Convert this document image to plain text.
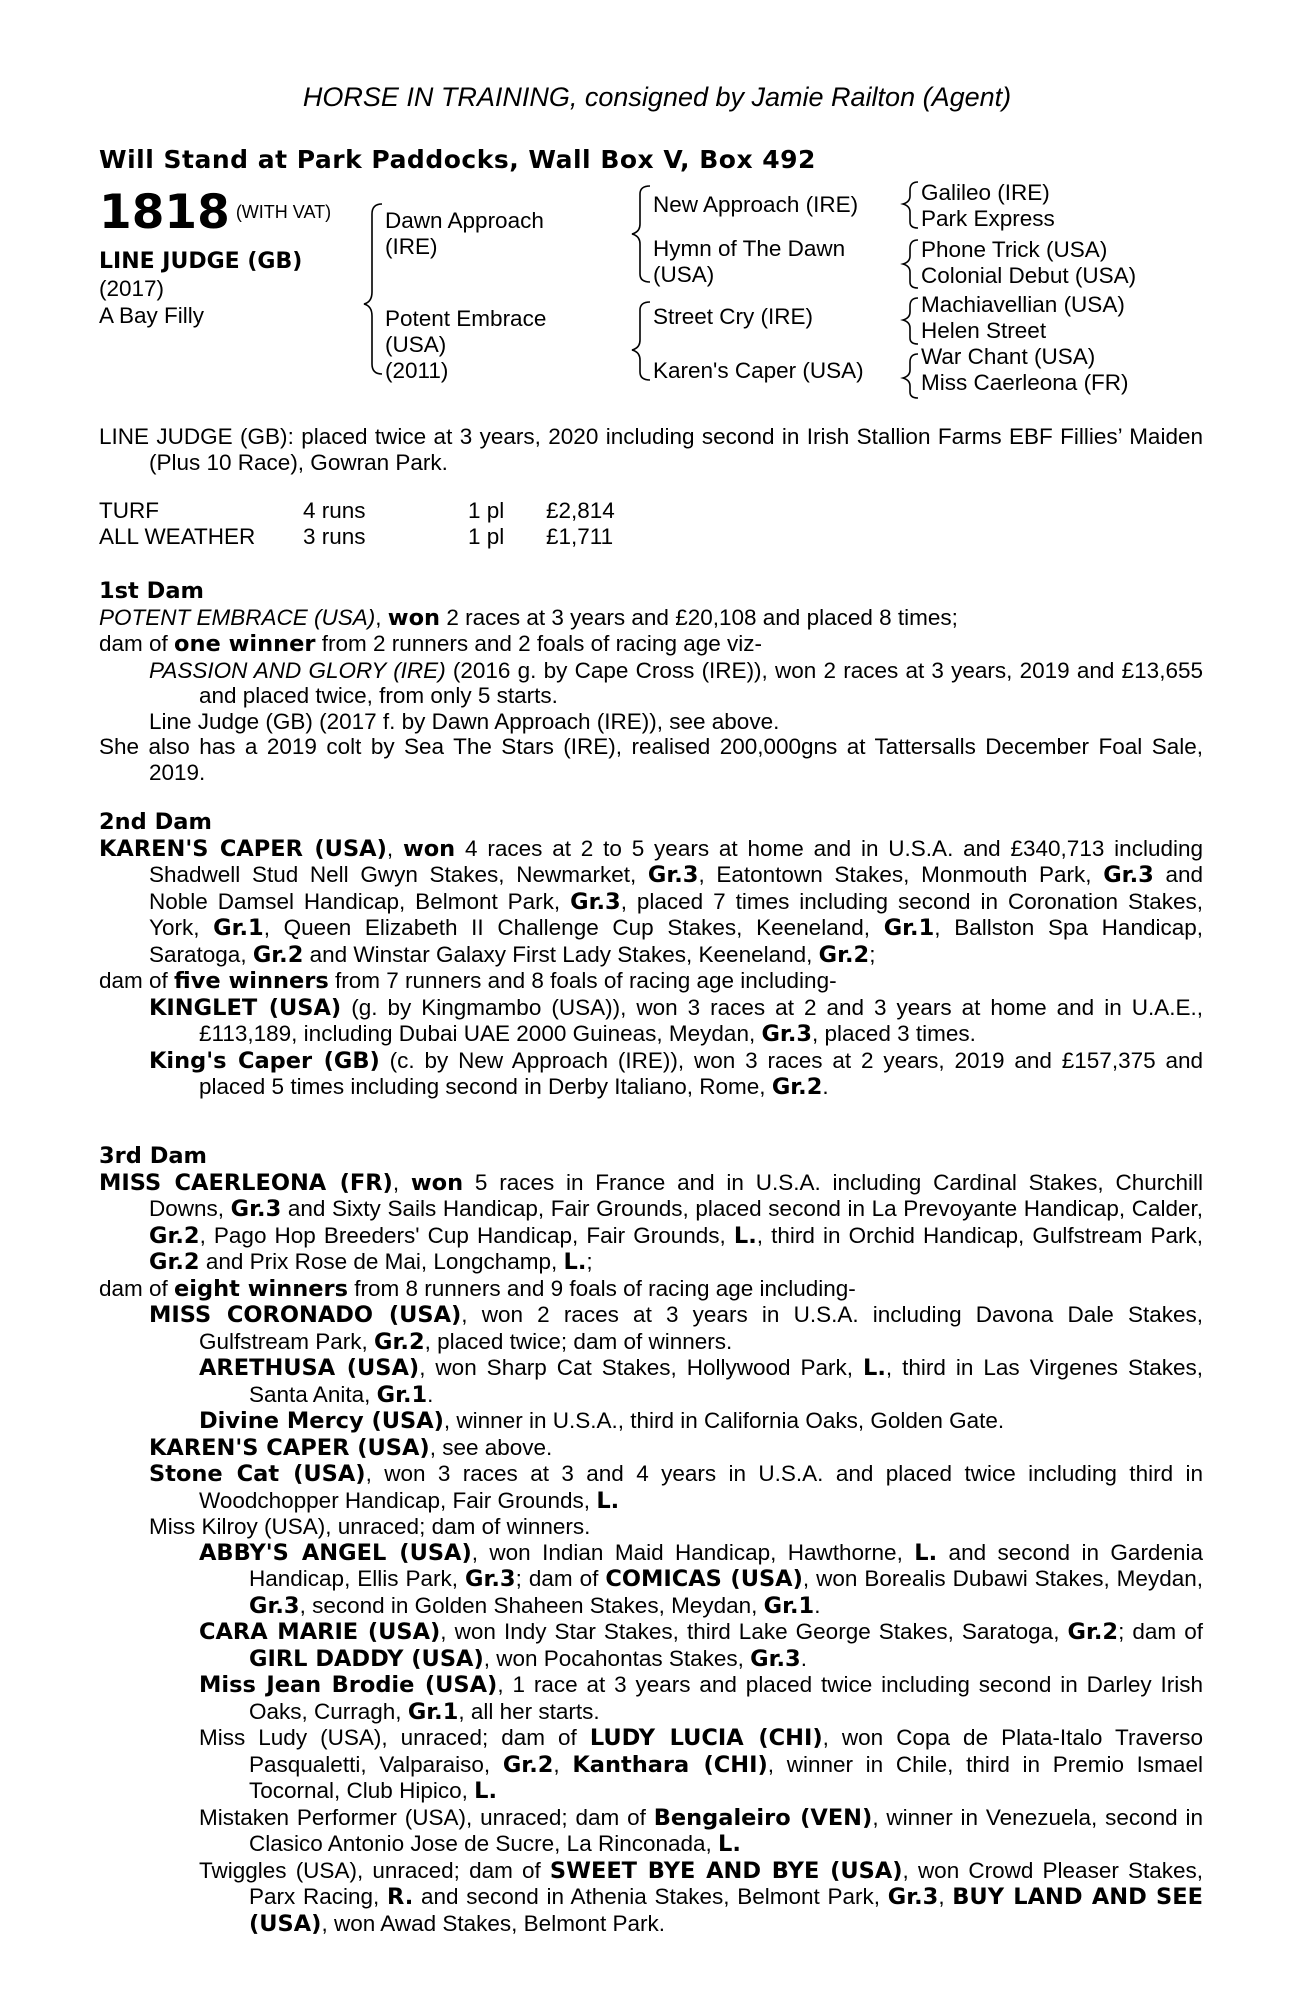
HORSE IN TRAINING, consigned by Jamie Railton (Agent)
Will Stand at Park Paddocks, Wall Box V, Box 492
1818 $^{(WITH VAT)}$
LINE JUDGE (GB)
(2017)
A Bay Filly
Dawn Approach
(IRE)
Potent Embrace
(USA)
(2011)
New Approach (IRE)
Hymn of The Dawn
(USA)
Street Cry (IRE)
Karen's Caper (USA)
Galileo (IRE)
Park Express
Phone Trick (USA)
Colonial Debut (USA)
Machiavellian (USA)
Helen Street
War Chant (USA)
Miss Caerleona (FR)

LINE JUDGE (GB): placed twice at 3 years, 2020 including second in Irish Stallion Farms EBF Fillies’ Maiden (Plus 10 Race), Gowran Park.

TURF	4 runs	1 pl	£2,814
ALL WEATHER	3 runs	1 pl	£1,711
1st Dam

POTENT EMBRACE (USA), won 2 races at 3 years and £20,108 and placed 8 times;

dam of one winner from 2 runners and 2 foals of racing age viz-

PASSION AND GLORY (IRE) (2016 g. by Cape Cross (IRE)), won 2 races at 3 years, 2019 and £13,655 and placed twice, from only 5 starts.

Line Judge (GB) (2017 f. by Dawn Approach (IRE)), see above.

She also has a 2019 colt by Sea The Stars (IRE), realised 200,000gns at Tattersalls December Foal Sale, 2019.

2nd Dam

KAREN'S CAPER (USA), won 4 races at 2 to 5 years at home and in U.S.A. and £340,713 including Shadwell Stud Nell Gwyn Stakes, Newmarket, Gr.3, Eatontown Stakes, Monmouth Park, Gr.3 and Noble Damsel Handicap, Belmont Park, Gr.3, placed 7 times including second in Coronation Stakes, York, Gr.1, Queen Elizabeth II Challenge Cup Stakes, Keeneland, Gr.1, Ballston Spa Handicap, Saratoga, Gr.2 and Winstar Galaxy First Lady Stakes, Keeneland, Gr.2;

dam of five winners from 7 runners and 8 foals of racing age including-

KINGLET (USA) (g. by Kingmambo (USA)), won 3 races at 2 and 3 years at home and in U.A.E., £113,189, including Dubai UAE 2000 Guineas, Meydan, Gr.3, placed 3 times.

King's Caper (GB) (c. by New Approach (IRE)), won 3 races at 2 years, 2019 and £157,375 and placed 5 times including second in Derby Italiano, Rome, Gr.2.

3rd Dam

MISS CAERLEONA (FR), won 5 races in France and in U.S.A. including Cardinal Stakes, Churchill Downs, Gr.3 and Sixty Sails Handicap, Fair Grounds, placed second in La Prevoyante Handicap, Calder, Gr.2, Pago Hop Breeders' Cup Handicap, Fair Grounds, L., third in Orchid Handicap, Gulfstream Park, Gr.2 and Prix Rose de Mai, Longchamp, L.;

dam of eight winners from 8 runners and 9 foals of racing age including-

MISS CORONADO (USA), won 2 races at 3 years in U.S.A. including Davona Dale Stakes, Gulfstream Park, Gr.2, placed twice; dam of winners.

ARETHUSA (USA), won Sharp Cat Stakes, Hollywood Park, L., third in Las Virgenes Stakes, Santa Anita, Gr.1.

Divine Mercy (USA), winner in U.S.A., third in California Oaks, Golden Gate.

KAREN'S CAPER (USA), see above.

Stone Cat (USA), won 3 races at 3 and 4 years in U.S.A. and placed twice including third in Woodchopper Handicap, Fair Grounds, L.

Miss Kilroy (USA), unraced; dam of winners.

ABBY'S ANGEL (USA), won Indian Maid Handicap, Hawthorne, L. and second in Gardenia Handicap, Ellis Park, Gr.3; dam of COMICAS (USA), won Borealis Dubawi Stakes, Meydan, Gr.3, second in Golden Shaheen Stakes, Meydan, Gr.1.

CARA MARIE (USA), won Indy Star Stakes, third Lake George Stakes, Saratoga, Gr.2; dam of GIRL DADDY (USA), won Pocahontas Stakes, Gr.3.

Miss Jean Brodie (USA), 1 race at 3 years and placed twice including second in Darley Irish Oaks, Curragh, Gr.1, all her starts.

Miss Ludy (USA), unraced; dam of LUDY LUCIA (CHI), won Copa de Plata-Italo Traverso Pasqualetti, Valparaiso, Gr.2, Kanthara (CHI), winner in Chile, third in Premio Ismael Tocornal, Club Hipico, L.

Mistaken Performer (USA), unraced; dam of Bengaleiro (VEN), winner in Venezuela, second in Clasico Antonio Jose de Sucre, La Rinconada, L.

Twiggles (USA), unraced; dam of SWEET BYE AND BYE (USA), won Crowd Pleaser Stakes, Parx Racing, R. and second in Athenia Stakes, Belmont Park, Gr.3, BUY LAND AND SEE (USA), won Awad Stakes, Belmont Park.
